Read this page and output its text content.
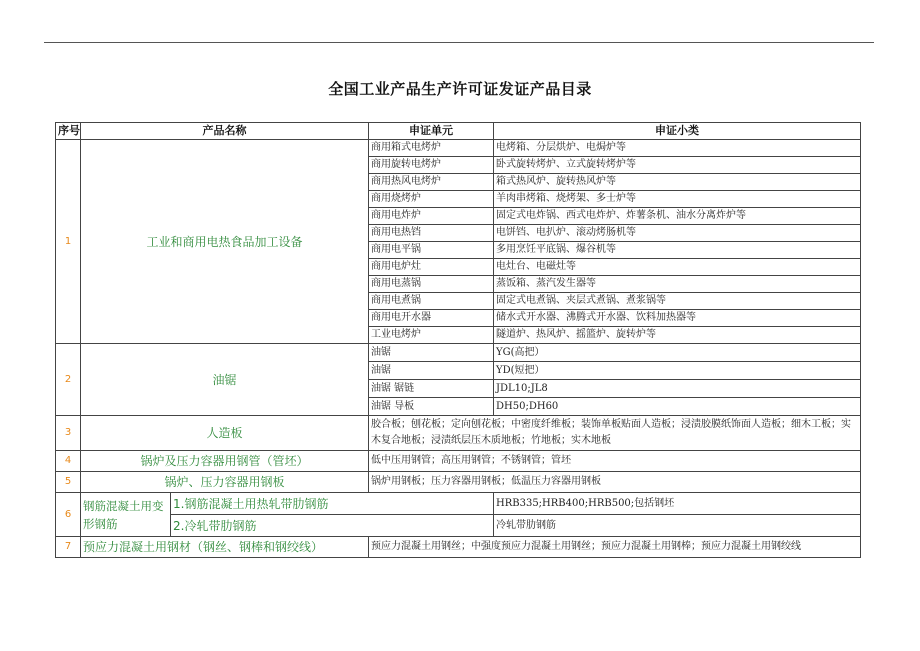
全国工业产品生产许可证发证产品目录
序号	产品名称		申证单元	申证小类
1	工业和商用电热食品加工设备		商用箱式电烤炉	电烤箱、分层烘炉、电焗炉等
			商用旋转电烤炉	卧式旋转烤炉、立式旋转烤炉等
			商用热风电烤炉	箱式热风炉、旋转热风炉等
			商用烧烤炉	羊肉串烤箱、烧烤架、多士炉等
			商用电炸炉	固定式电炸锅、西式电炸炉、炸薯条机、油水分离炸炉等
			商用电热铛	电饼铛、电扒炉、滚动烤肠机等
			商用电平锅	多用烹饪平底锅、爆谷机等
			商用电炉灶	电灶台、电磁灶等
			商用电蒸锅	蒸饭箱、蒸汽发生器等
			商用电煮锅	固定式电煮锅、夹层式煮锅、煮浆锅等
			商用电开水器	储水式开水器、沸腾式开水器、饮料加热器等
			工业电烤炉	隧道炉、热风炉、摇篮炉、旋转炉等
2	油锯		油锯	YG(高把）
			油锯	YD(短把）
			油锯 锯链	JDL10;JL8
			油锯 导板	DH50;DH60
3	人造板		胶合板；刨花板；定向刨花板；中密度纤维板；装饰单板贴面人造板；浸渍胶膜纸饰面人造板；细木工板；实木复合地板；浸渍纸层压木质地板；竹地板；实木地板	
4	锅炉及压力容器用钢管（管坯）		低中压用钢管；高压用钢管；不锈钢管；管坯	
5	锅炉、压力容器用钢板		锅炉用钢板；压力容器用钢板；低温压力容器用钢板	
6	钢筋混凝土用变形钢筋	1.钢筋混凝土用热轧带肋钢筋		HRB335;HRB400;HRB500;包括钢坯
		2.冷轧带肋钢筋		冷轧带肋钢筋
7	预应力混凝土用钢材（钢丝、钢棒和钢绞线）		预应力混凝土用钢丝；中强度预应力混凝土用钢丝；预应力混凝土用钢棒；预应力混凝土用钢绞线	
